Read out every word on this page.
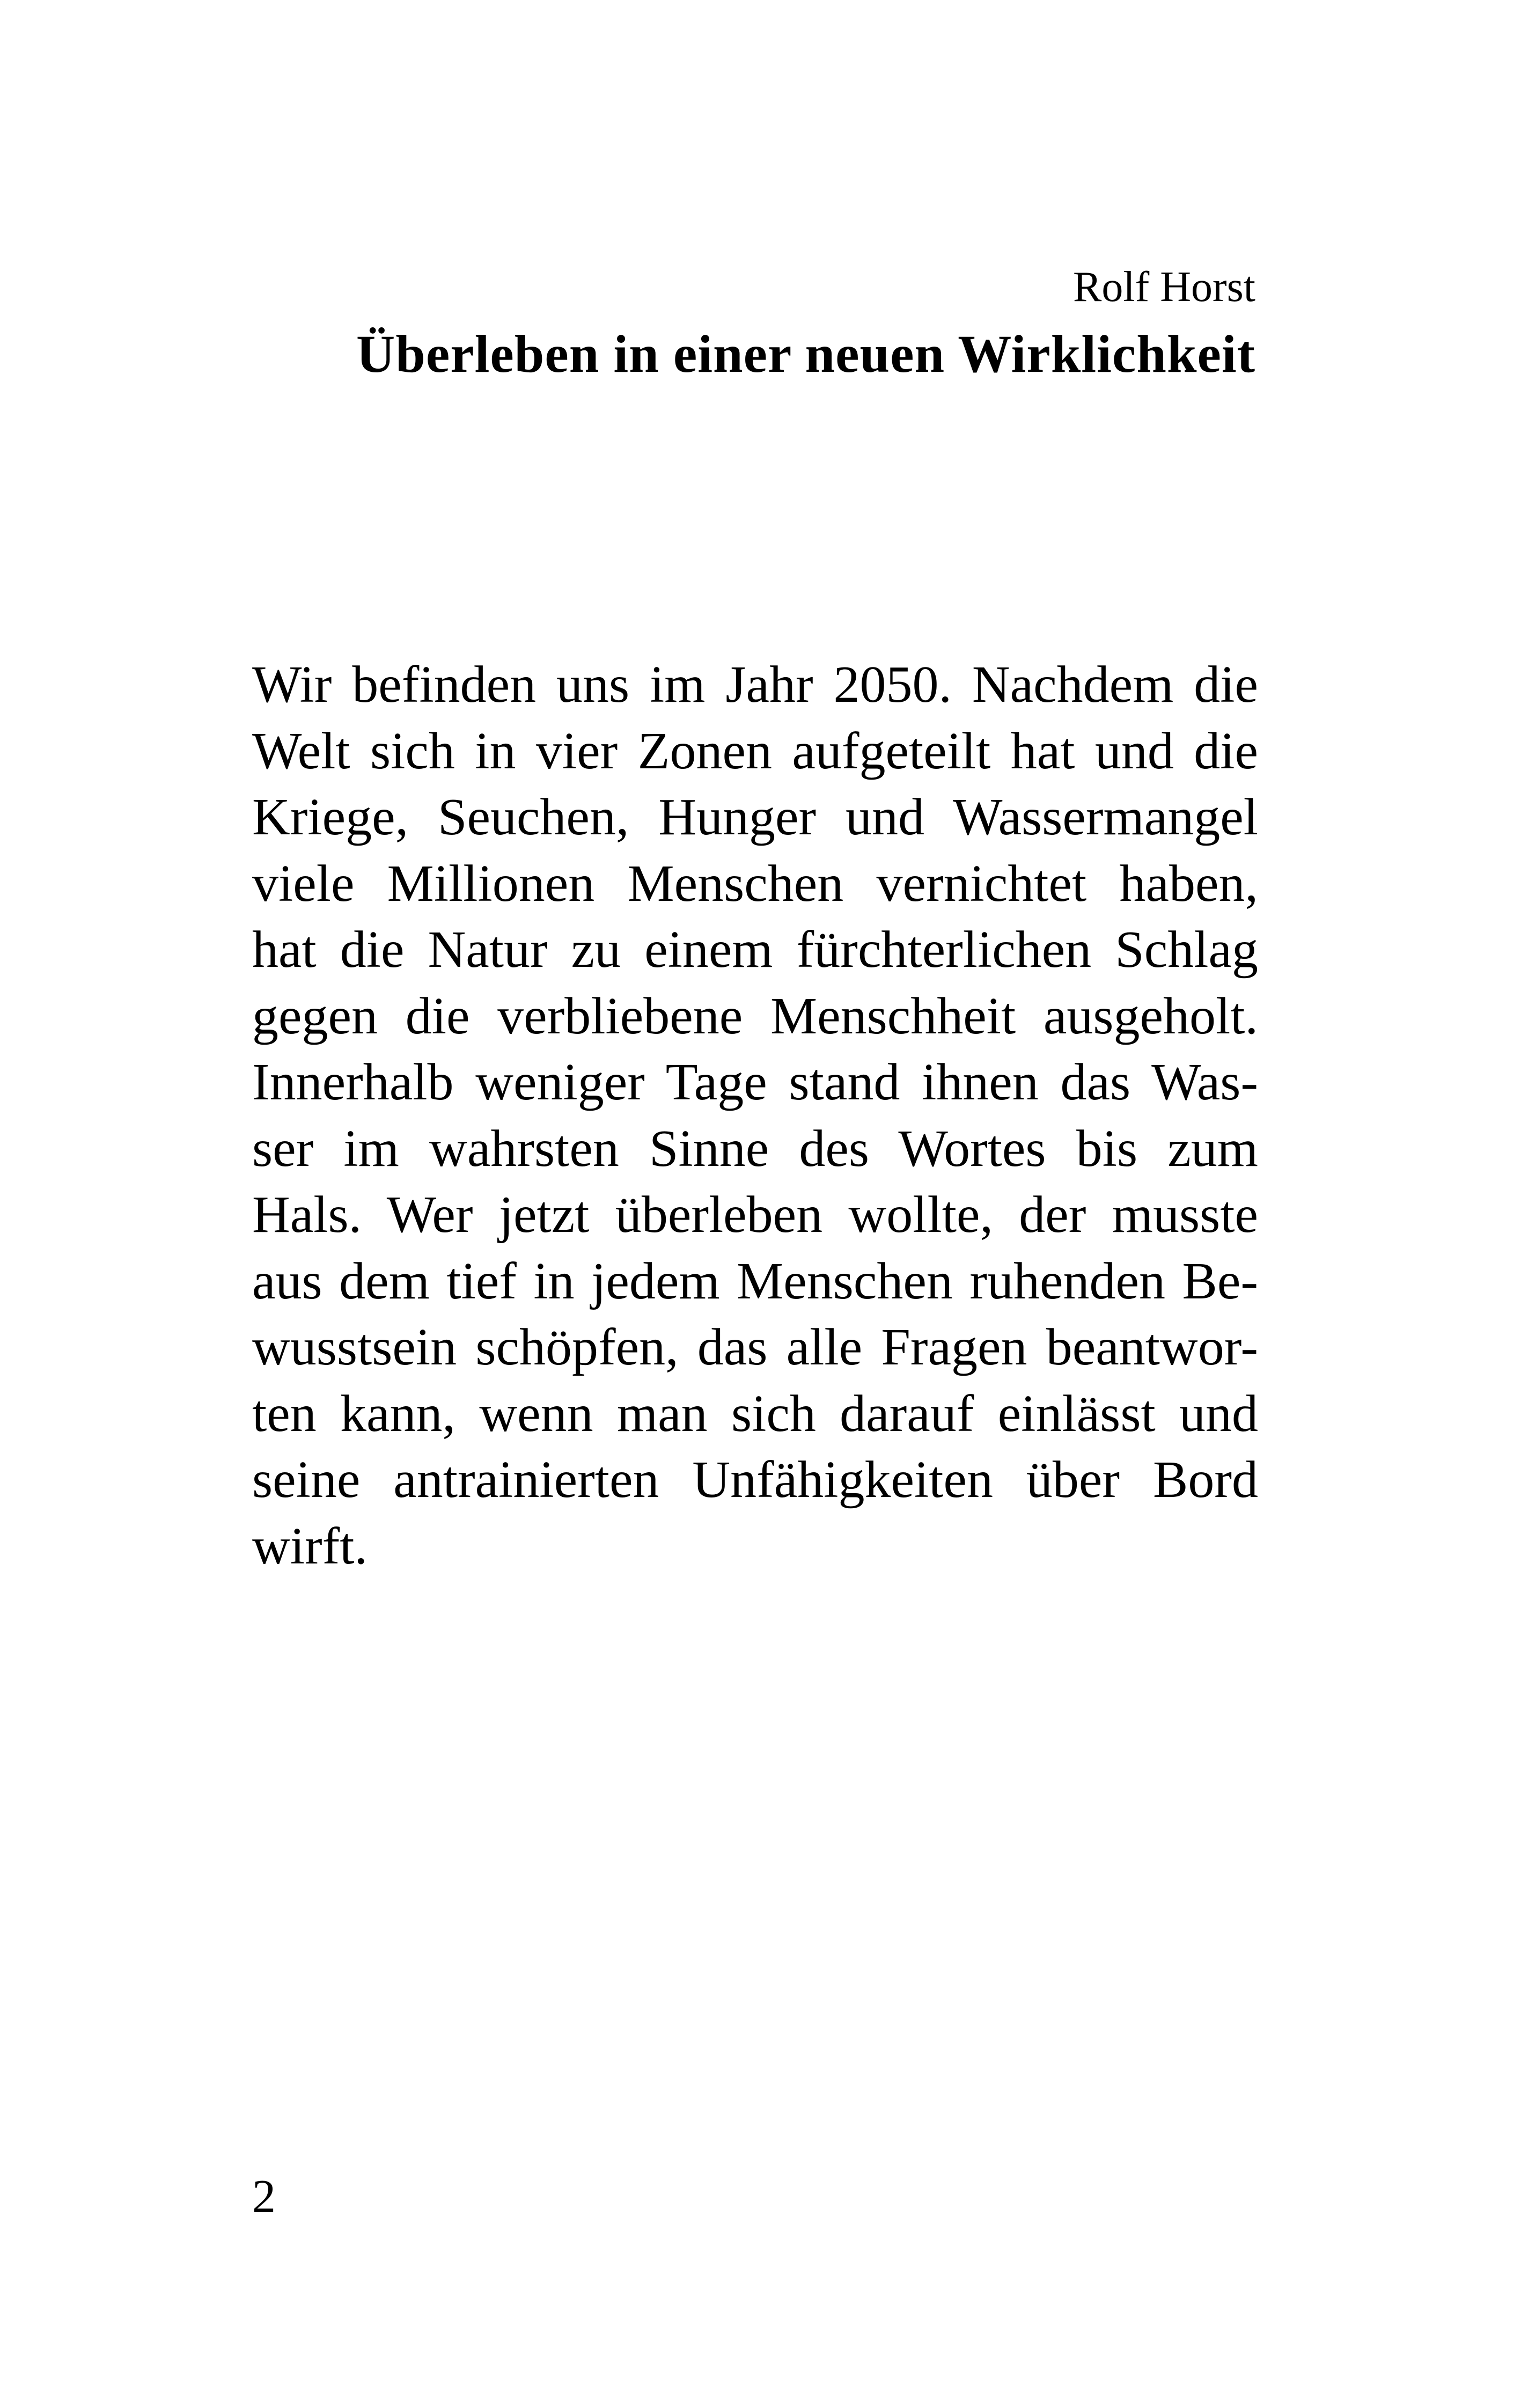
Rolf Horst
Überleben in einer neuen Wirklichkeit
Wir befinden uns im Jahr 2050. Nachdem die
Welt sich in vier Zonen aufgeteilt hat und die
Kriege, Seuchen, Hunger und Wassermangel
viele Millionen Menschen vernichtet haben,
hat die Natur zu einem fürchterlichen Schlag
gegen die verbliebene Menschheit ausgeholt.
Innerhalb weniger Tage stand ihnen das Was-
ser im wahrsten Sinne des Wortes bis zum
Hals. Wer jetzt überleben wollte, der musste
aus dem tief in jedem Menschen ruhenden Be-
wusstsein schöpfen, das alle Fragen beantwor-
ten kann, wenn man sich darauf einlässt und
seine antrainierten Unfähigkeiten über Bord
wirft.
2
